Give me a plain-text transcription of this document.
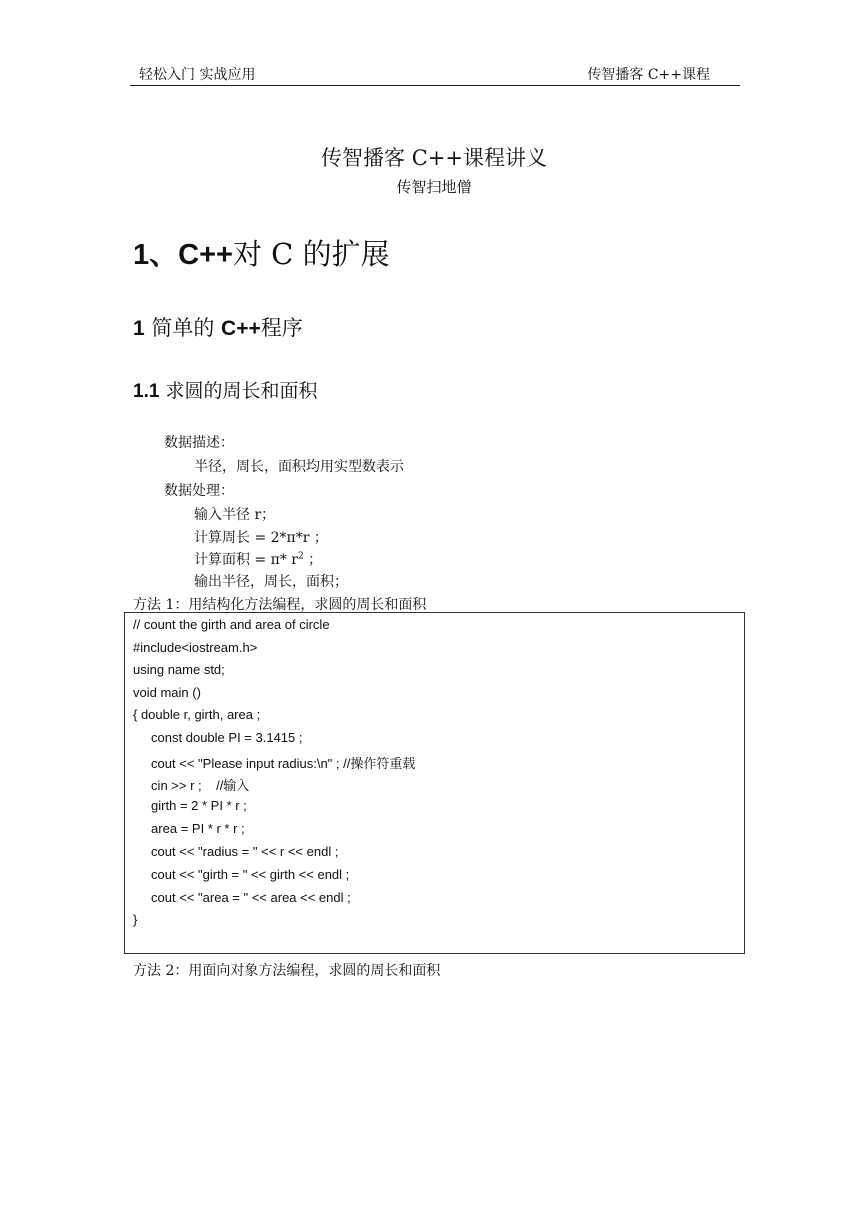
轻松入门 实战应用	传智播客 C++课程
传智播客 C++课程讲义
传智扫地僧
1、C++对 C 的扩展
1 简单的 C++程序
1.1 求圆的周长和面积
数据描述：
半径，周长，面积均用实型数表示
数据处理：
输入半径 r；
计算周长 = 2*π*r ；
计算面积 = π* $r^2$ ；
输出半径，周长，面积；
方法 1：用结构化方法编程，求圆的周长和面积
// count the girth and area of circle
#include<iostream.h>
using name std;
void main ()
{ double r, girth, area ;
const double PI = 3.1415 ;
cout << "Please input radius:\n" ; //操作符重载
cin >> r ;    //输入
girth = 2 * PI * r ;
area = PI * r * r ;
cout << "radius = " << r << endl ;
cout << "girth = " << girth << endl ;
cout << "area = " << area << endl ;
}
方法 2：用面向对象方法编程，求圆的周长和面积
